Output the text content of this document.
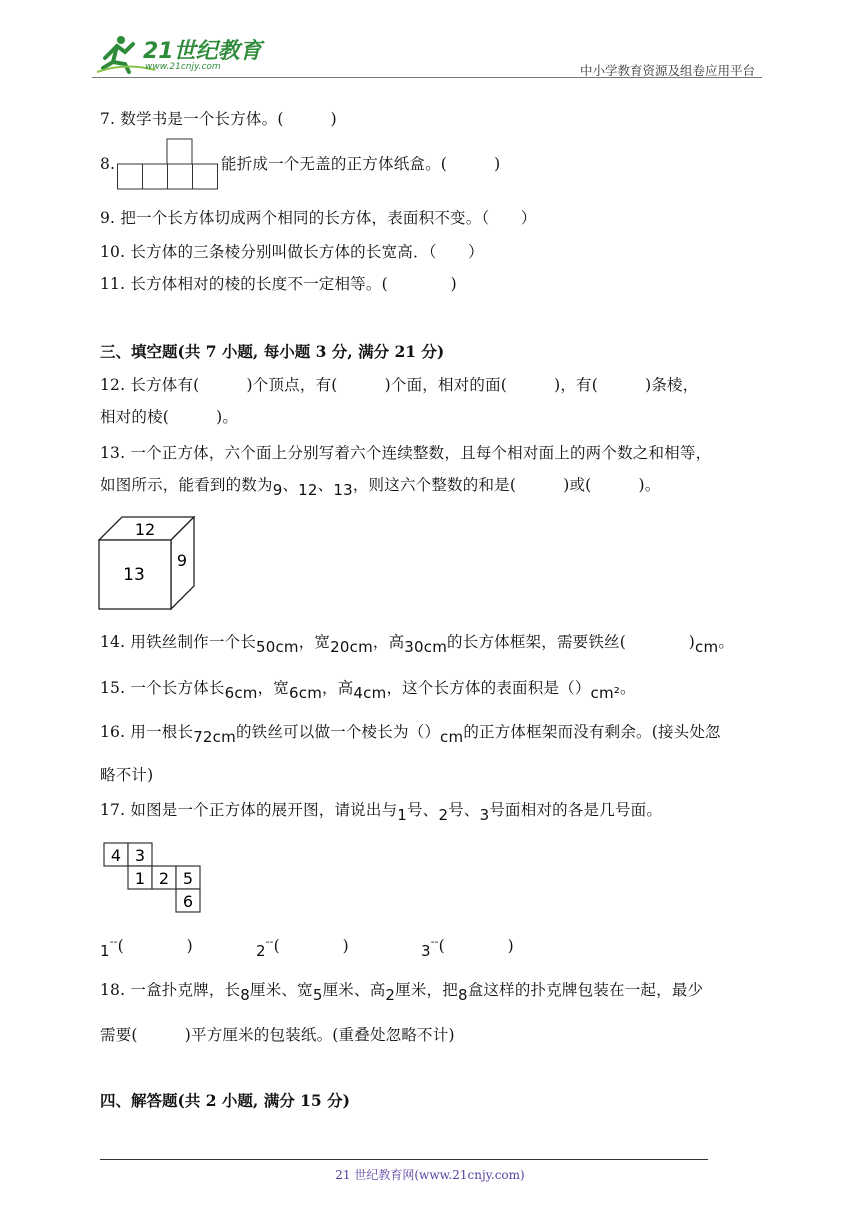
21世纪教育
www.21cnjy.com	中小学教育资源及组卷应用平台
7. 数学书是一个长方体。(　　　)
8.	能折成一个无盖的正方体纸盒。(　　　)
9. 把一个长方体切成两个相同的长方体，表面积不变。（　　）
10. 长方体的三条棱分别叫做长方体的长宽高．（　　）
11. 长方体相对的棱的长度不一定相等。(　　　　)
三、填空题(共 7 小题, 每小题 3 分, 满分 21 分)
12. 长方体有(　　　)个顶点，有(　　　)个面，相对的面(　　　)，有(　　　)条棱，
相对的棱(　　　)。
13. 一个正方体，六个面上分别写着六个连续整数，且每个相对面上的两个数之和相等，
如图所示，能看到的数为9、12、13，则这六个整数的和是(　　　)或(　　　)。
12
13
9
14. 用铁丝制作一个长50cm，宽20cm，高30cm的长方体框架，需要铁丝(　　　　)cm。
15. 一个长方体长6cm，宽6cm，高4cm，这个长方体的表面积是（）cm²。
16. 用一根长72cm的铁丝可以做一个棱长为（）cm的正方体框架而没有剩余。(接头处忽
略不计)
17. 如图是一个正方体的展开图，请说出与1号、2号、3号面相对的各是几号面。
4 3
1 2 5
6
1--(　　　　)	2--(　　　　)	3--(　　　　)
18. 一盒扑克牌，长8厘米、宽5厘米、高2厘米，把8盒这样的扑克牌包装在一起，最少
需要(　　　)平方厘米的包装纸。(重叠处忽略不计)
四、解答题(共 2 小题, 满分 15 分)
21 世纪教育网(www.21cnjy.com)
